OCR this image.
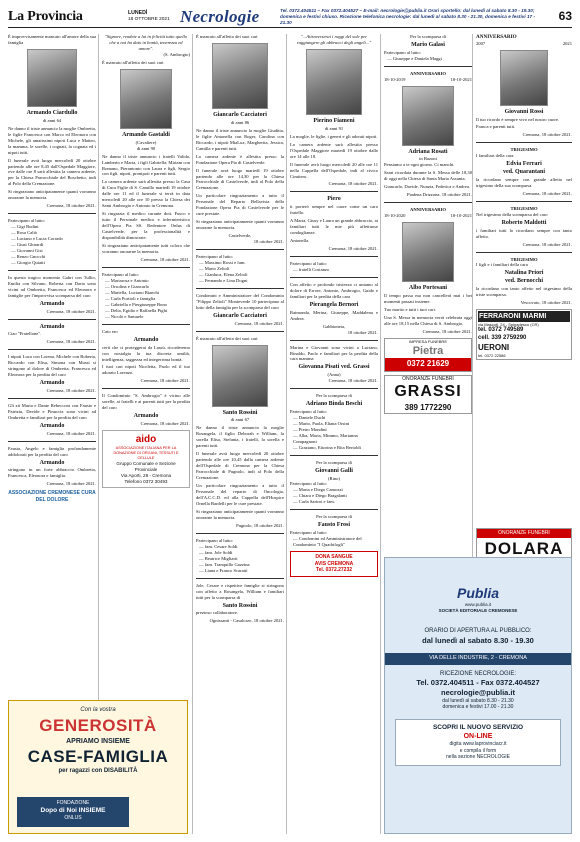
La Provincia	LUNEDÌ
18 OTTOBRE 2021 Necrologie	Tel. 0372.404511 – Fax 0372.404527 – E-mail: necrologie@publia.it Orari sportello: dal lunedì al sabato 8.30 - 19.30; domenica e festivi chiuso. Ricezione telefonica necrologie: dal lunedì al sabato 8.30 - 21.30, domenica e festivi 17 - 21.30	63
È improvvisamente mancato all'amore della sua famiglia
Armando Ciardullo
di anni 64
Ne danno il triste annuncio la moglie Ombretta, le figlie Francesca con Marco ed Eleonora con Michele, gli amatissimi nipoti Luca e Matteo, la mamma, le sorelle, i cognati, la cognata ed i nipoti tutti.
Il funerale avrà luogo mercoledì 20 ottobre partendo alle ore 8,45 dall'Ospedale Maggiore, ove dalle ore 8 sarà allestita la camera ardente, per la Chiesa Parrocchiale del Boschetto, indi al Polo della Cremazione.
Si ringraziano anticipatamente quanti vorranno onorarne la memoria.
Cremona, 18 ottobre 2021.
Partecipano al lutto:
— Gigi Bodini
— Rosa Caliò
— Luciano e Lucia Corrado
— Giusi Ghirardi
— Giovanni Gisi
— Renzo Gnocchi
— Giorgio Quiatti
In questo tragico momento Gabri con Tullio, Emilia con Silvano, Roberta con Dario sono vicini ad Ombretta, Francesca ed Eleonora e famiglie per l'improvvisa scomparsa del caro
Armando
Cremona, 18 ottobre 2021.
Armando
Ciao "Fratellone".
Cremona, 18 ottobre 2021.
I nipoti Luca con Lorena, Michele con Roberta, Riccardo con Elisa, Simona con Mussi si stringono al dolore di Ombretta, Francesca ed Eleonora per la perdita del caro
Armando
Cremona, 18 ottobre 2021.
Gli zii Maria e Dante Rebecconi con Fausto e Patrizia, Davide e Pinuccia sono vicini ad Ombretta e familiari per la perdita del caro
Armando
Cremona, 18 ottobre 2021.
Fausta, Angelo e famiglia profondamente addolorati per la perdita del caro
Armando
stringono in un forte abbraccio Ombretta, Francesca, Eleonora e famiglia.
Cremona, 18 ottobre 2021.
ASSOCIAZIONE CREMONESE CURA DEL DOLORE
"Signore, rendete a lui in felicità tutto quello che a noi ha dato in bontà, tenerezza ed amore".
(S. Ambrogio)
È mancato all'affetto dei suoi cari
Armando Gastaldi
(Cavaliere)
di anni 90
Ne danno il triste annuncio i fratelli Valida, Lamberto e Maria, i figli Gabriella, Miriam con Romano, Pierantonio con Laura e figli, Sergio con figli, nipoti, pronipoti e parenti tutti.
La camera ardente sarà allestita presso la Casa di Cura Figlie di S. Camillo martedì 19 ottobre dalle ore 11 ed il funerale si terrà in data mercoledì 20 alle ore 10 presso la Chiesa dei Santi Ambrogio e Antonio in Cremona.
Si ringrazia il medico curante dott. Fusco e tutto il Personale medico e infermieristico dell'Opera Pia SS. Redentore Onlus di Castelverde, per la professionalità e disponibilità dimostrate.
Si ringraziano anticipatamente tutti coloro che vorranno onorarne la memoria.
Cremona, 18 ottobre 2021.
Partecipano al lutto:
— Mariarosa e Antonio
— Orsolina e Giancarlo
— Mariella, Luciano Bianchi
— Carla Portioli e famiglia
— Gabriella e Piergiuseppe Bono
— Delia, Egidio e Raffaella Pighi
— Nicolò e Samuele
Caio ero
Armando
certi che ci proteggerai da Lassù, ricorderemo con nostalgia la tua discreta umiltà, intelligenza, saggezza ed integerrima bontà.
I tuoi cari nipoti Nicoletta, Paolo ed il tuo adorato Lorenzo.
Cremona, 18 ottobre 2021.
Il Condominio "S. Ambrogio" è vicino alle sorelle, ai fratelli e ai parenti tutti per la perdita del caro
Armando
Cremona, 18 ottobre 2021.
aido
ASSOCIAZIONE ITALIANA PER LA DONAZIONE DI ORGANI, TESSUTI E CELLULE
Gruppo Comunale e Sezione Provinciale
Via Aporti, 28 - Cremona
Telefono 0372 30493
È mancato all'affetto dei suoi cari
Giancarlo Cacciatori
di anni 86
Ne danno il triste annuncio la moglie Giuditta, le figlie Antonella con Roger, Carolina con Riccardo, i nipoti MiaLux, Margherita, Jessica, Camilla e parenti tutti.
La camera ardente è allestita presso la Fondazione Opera Pia di Castelverde.
Il funerale avrà luogo martedì 19 ottobre partendo alle ore 14,30 per la Chiesa Parrocchiale di Castelverde, indi al Polo della Cremazione.
Un particolare ringraziamento a tutto il Personale del Reparto Bellavista della Fondazione Opera Pia di Castelverde per le cure prestate.
Si ringraziano anticipatamente quanti vorranno onorarne la memoria.
Castelverde,
18 ottobre 2021.
Partecipano al lutto:
— Massimo Rossi e fam.
— Mario Zelioli
— Gianluca, Elena Zelioli
— Fernando e Lina Dogni
Condomini e Amministratore del Condominio "Filippo Zelioli" Monteverde 10 partecipano al lutto della famiglia per la scomparsa del caro
Giancarlo Cacciatori
Cremona, 18 ottobre 2021.
È mancato all'affetto dei suoi cari
Santo Rossini
di anni 67
Ne danno il triste annuncio la moglie Rosangela, il figlio Deborah e William, la sorella Elisa, Stefania, i fratelli, la sorella e parenti tutti.
Il funerale avrà luogo mercoledì 20 ottobre partendo alle ore 10,45 dalla camera ardente dell'Ospedale di Cremona per la Chiesa Parrocchiale di Pugnolo, indi al Polo della Cremazione.
Un particolare ringraziamento a tutto il Personale del reparto di Oncologia, dell'A.C.C.D. ed alla Cappella dell'Hospice Ornella Bardelli per le cure prestate.
Si ringraziano anticipatamente quanti vorranno onorarne la memoria.
Pugnolo, 18 ottobre 2021.
Partecipano al lutto:
— fam. Cesare Soldi
— fam. Jole Soldi
— Beatrice Migliarti
— fam. Tranquillo Gazzina
— Liana e Franco Scaratti
Jole, Cesare e rispettive famiglie si stringono con affetto a Rosangela, William e familiari tutti per la scomparsa di
Santo Rossini
prezioso collaboratore.
Ognissanti - Casalorzo, 18 ottobre 2021.
"...Attraverserai i raggi del sole per raggiungere gli abbracci degli angeli..."
Pierino Fiameni
di anni 91
La moglie, le figlie, i generi e gli adorati nipoti.
La camera ardente sarà allestita presso l'Ospedale Maggiore martedì 19 ottobre dalle ore 14 alle 18.
Il funerale avrà luogo mercoledì 20 alle ore 11 nella Cappella dell'Ospedale, indi al civico Cimitero.
Cremona, 18 ottobre 2021.
Piero
ti porterò sempre nel cuore come un caro fratello.
A Maria, Giusy e Laura un grande abbraccio, ai familiari tutti le mie più affettuose condoglianze.
Antonella.
Cremona, 18 ottobre 2021.
Partecipano al lutto:
— fratelli Costanzo
Con affetto e profondo tristezza ci uniamo al dolore di Errore, Antonio, Ambrogio, Guido e familiari per la perdita della cara
Pierangela Bernori
Raimonda, Merina, Giuseppe, Maddalena e Andrea.
Gabbioneta,
18 ottobre 2021.
Marina e Giovanni sono vicini a Luciano, Rinaldo, Paolo e familiari per la perdita della cara mamma
Giovanna Pisati ved. Grassi
(Anna)
Cremona, 18 ottobre 2021.
Per la scomparsa di
Adriano Binda Beschi
Partecipano al lutto:
— Daniele Duchi
— Mario, Paola, Eliana Orsini
— Pietro Mondini
— Alba, Maria, Mimmo, Marianna Compagnoni
— Graziano, Ettorina e Rita Bertoldi
Per la scomparsa di
Giovanni Galli
(Rino)
Partecipano al lutto:
— Maria e Diego Camozzi
— Chiara e Diego Bragalanti
— Carla Sartori e fam.
Per la scomparsa di
Fausto Frosi
Partecipano al lutto:
— Condomini ed Amministratore del Condominio "I Quadrifogli"
DONA SANGUE
AVIS CREMONA
Tel. 0372.27232
Per la scomparsa di
Mario Galasi
Partecipano al lutto:
— Giuseppe e Daniela Maggi
ANNIVERSARIO
18-10-2019	18-10-2021
Adriana Rosati
in Bazoni
Pensiamo a te ogni giorno. Ci manchi.
Sarai ricordata durante la S. Messa delle 18,30 di oggi nella Chiesa di Santa Maria Assunta.
Giancarlo, Davide, Nunzia, Federica e Andrea.
Piadena Drizzona, 18 ottobre 2021.
ANNIVERSARIO
18-10-2020	18-10-2021
Albo Portesani
Il tempo passa ma non cancellerà mai i bei momenti passati insieme.
Tuo marito e tutti i tuoi cari.
Una S. Messa in memoria verrà celebrata oggi alle ore 18,15 nella Chiesa di S. Ambrogio.
Cremona, 18 ottobre 2021.
IMPRESA FUNEBRE
Pietra
0372 21629
ONORANZE FUNEBRI
GRASSI
389 1772290
ANNIVERSARIO
2007	2021
Giovanni Rossi
Il tuo ricordo è sempre vivo nel nostro cuore.
Franca e parenti tutti.
Cremona, 18 ottobre 2021.
TRIGESIMO
I familiari della cara
Edvia Ferrari
ved. Quarantani
la ricordano sempre con grande affetto nel trigesimo della sua scomparsa.
Cremona, 18 ottobre 2021.
TRIGESIMO
Nel trigesimo della scomparsa del caro
Roberto Maldotti
i familiari tutti lo ricordano sempre con tanto affetto.
Cremona, 18 ottobre 2021.
TRIGESIMO
I figli e i familiari della cara
Natalina Priori
ved. Bernocchi
la ricordano con tanto affetto nel trigesimo della triste scomparsa.
Vescovato, 18 ottobre 2021.
FERRARONI MARMI
via Mascoti, 24 - Spinadesco (CR)
tel. 0372 749589
cell. 339 2759290
UERONI
tel. 0372 22586
ONORANZE FUNEBRI
DOLARA
Publia
www.publia.it
SOCIETÀ EDITORIALE CREMONESE
ORARIO DI APERTURA AL PUBBLICO:
dal lunedì al sabato 8.30 - 19.30
VIA DELLE INDUSTRIE, 2 - CREMONA
RICEZIONE NECROLOGIE:
Tel. 0372.404511 - Fax 0372.404527
necrologie@publia.it
dal lunedì al sabato 8.30 - 21.30
domenica e festivi 17.00 - 21.30
SCOPRI IL NUOVO SERVIZIO
ON-LINE
digita www.laprovinciacr.it
e compila il form
nella sezione NECROLOGIE
Con la vostra
GENEROSITÀ
APRIAMO INSIEME
CASE-FAMIGLIA
per ragazzi con DISABILITÀ
FONDAZIONE
Dopo di Noi INSIEME
ONLUS
